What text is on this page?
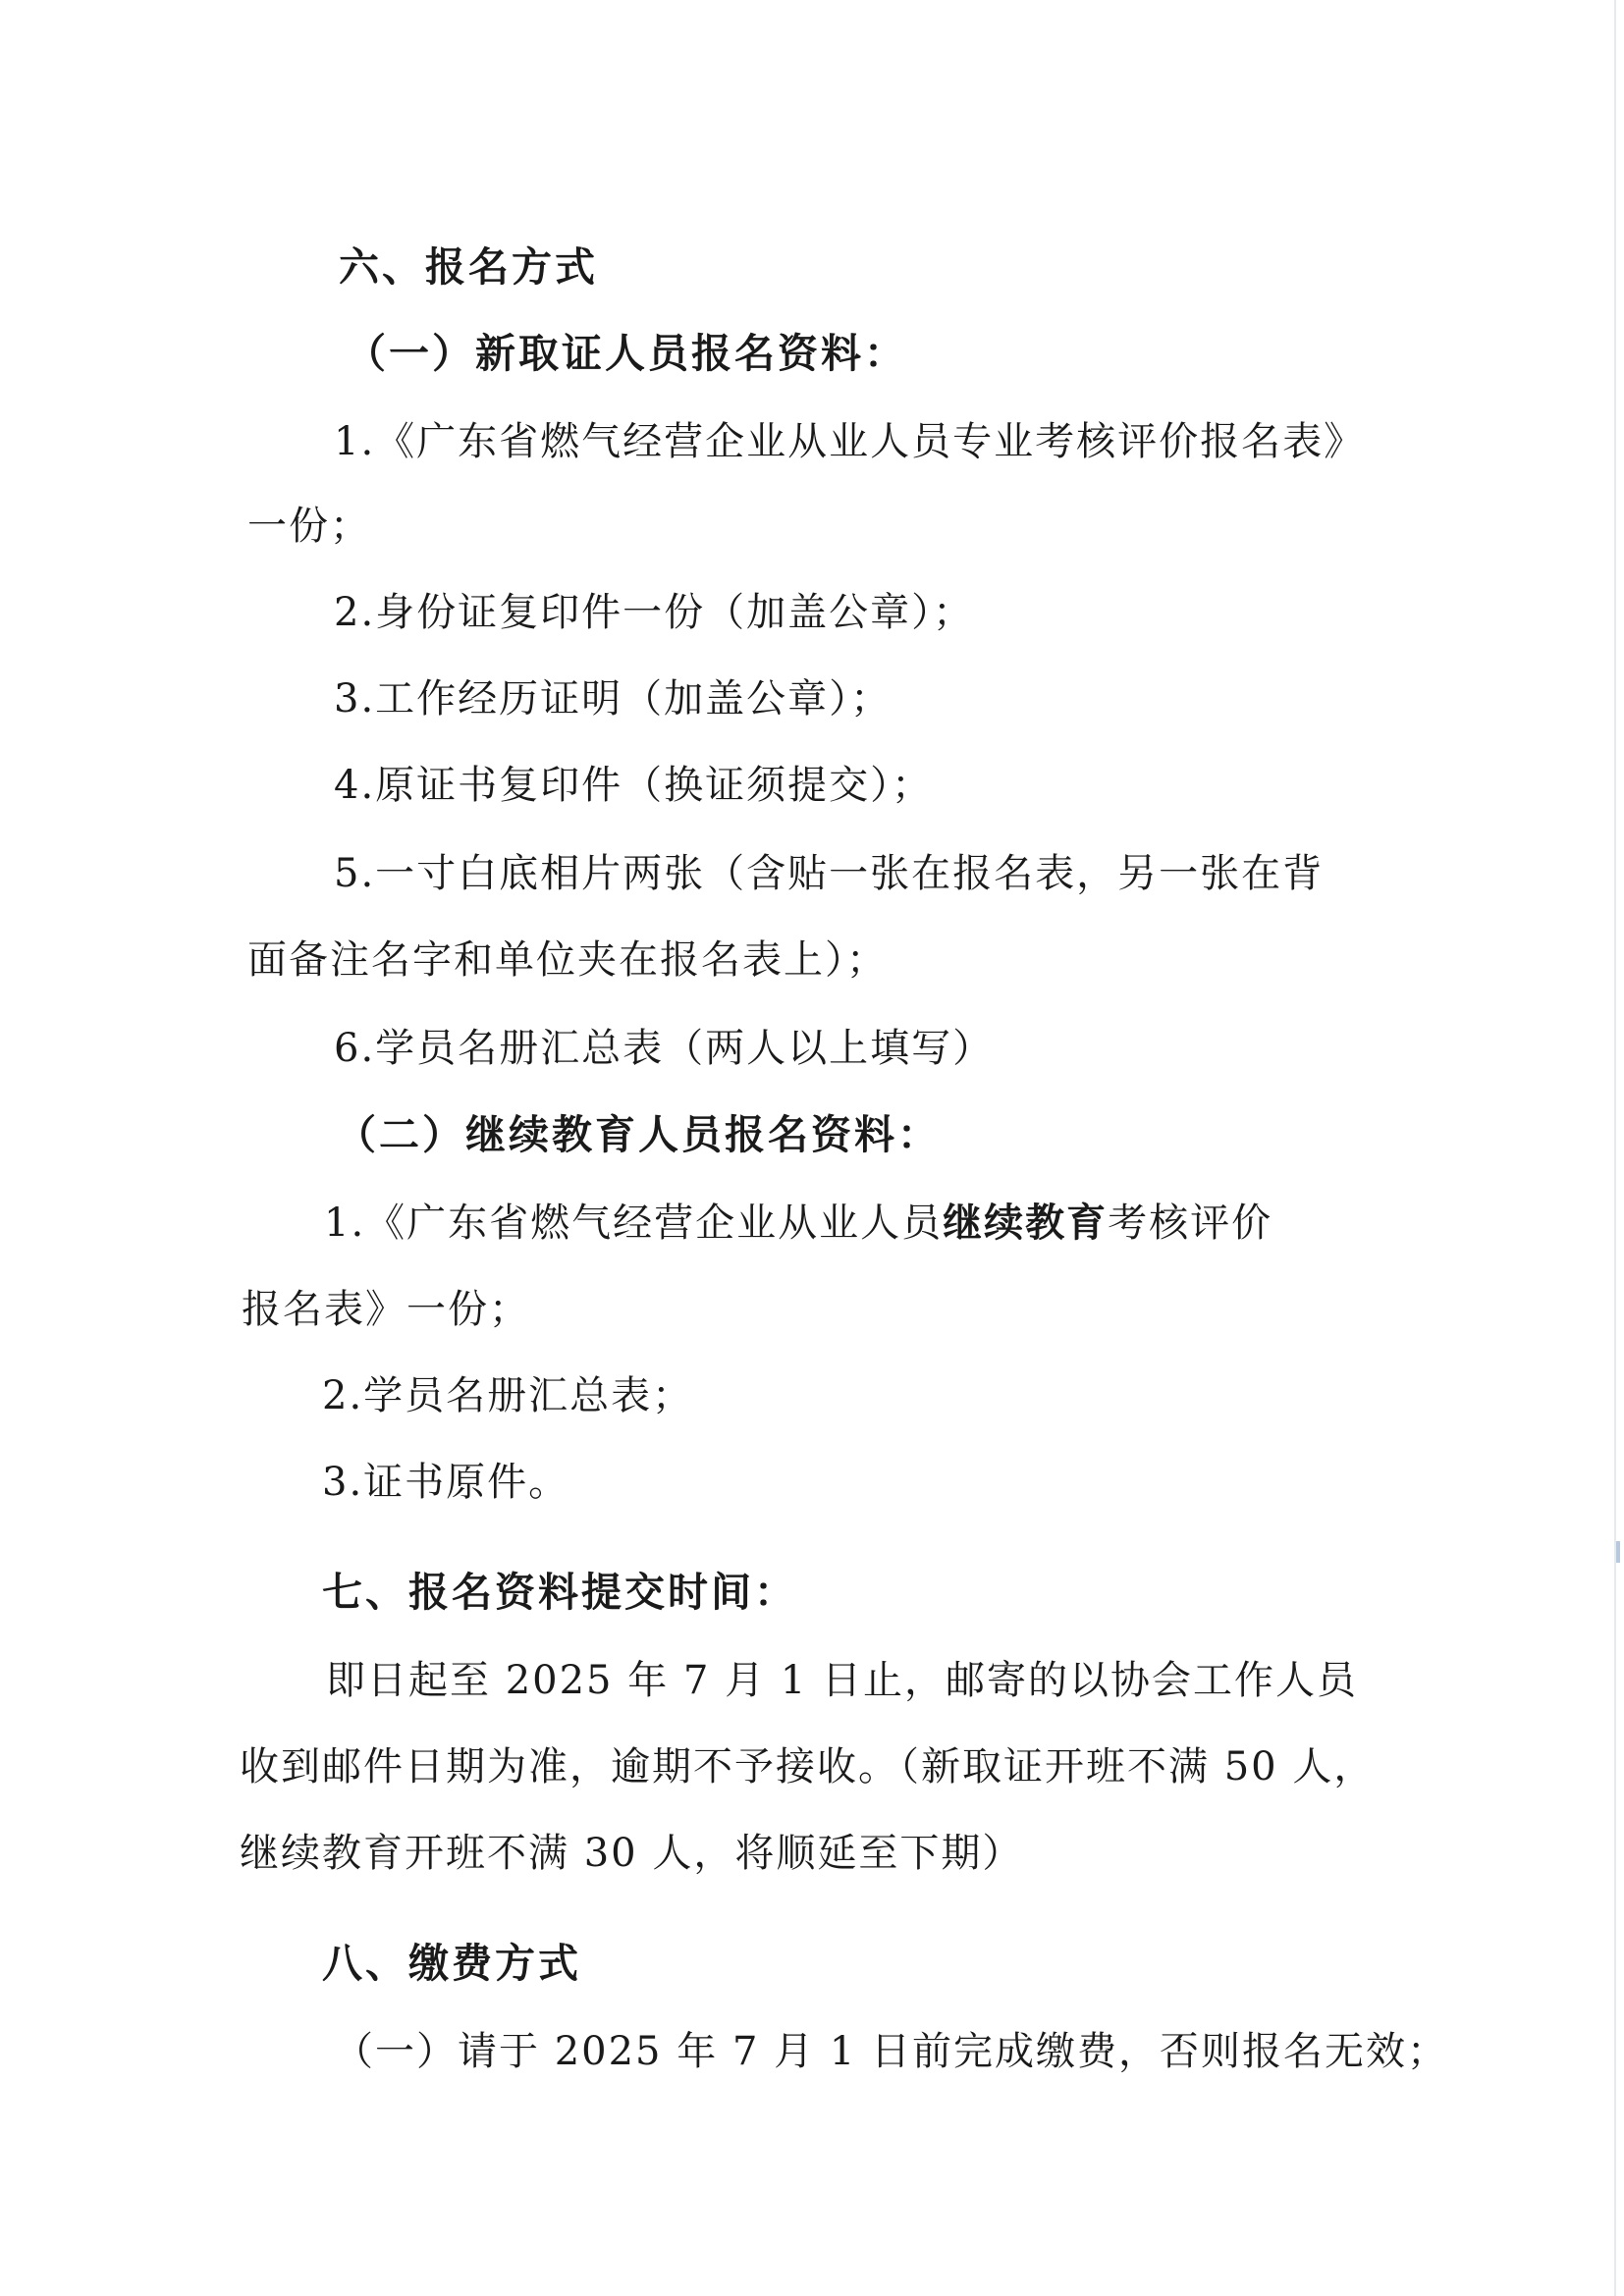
六、报名方式
（一）新取证人员报名资料：
1.《广东省燃气经营企业从业人员专业考核评价报名表》
一份；
2.身份证复印件一份（加盖公章）；
3.工作经历证明（加盖公章）；
4.原证书复印件（换证须提交）；
5.一寸白底相片两张（含贴一张在报名表，另一张在背
面备注名字和单位夹在报名表上）；
6.学员名册汇总表（两人以上填写）
（二）继续教育人员报名资料：
1.《广东省燃气经营企业从业人员继续教育考核评价
报名表》一份；
2.学员名册汇总表；
3.证书原件。
七、报名资料提交时间：
即日起至 2025 年 7 月 1 日止，邮寄的以协会工作人员
收到邮件日期为准，逾期不予接收。（新取证开班不满 50 人，
继续教育开班不满 30 人，将顺延至下期）
八、缴费方式
（一）请于 2025 年 7 月 1 日前完成缴费，否则报名无效；
